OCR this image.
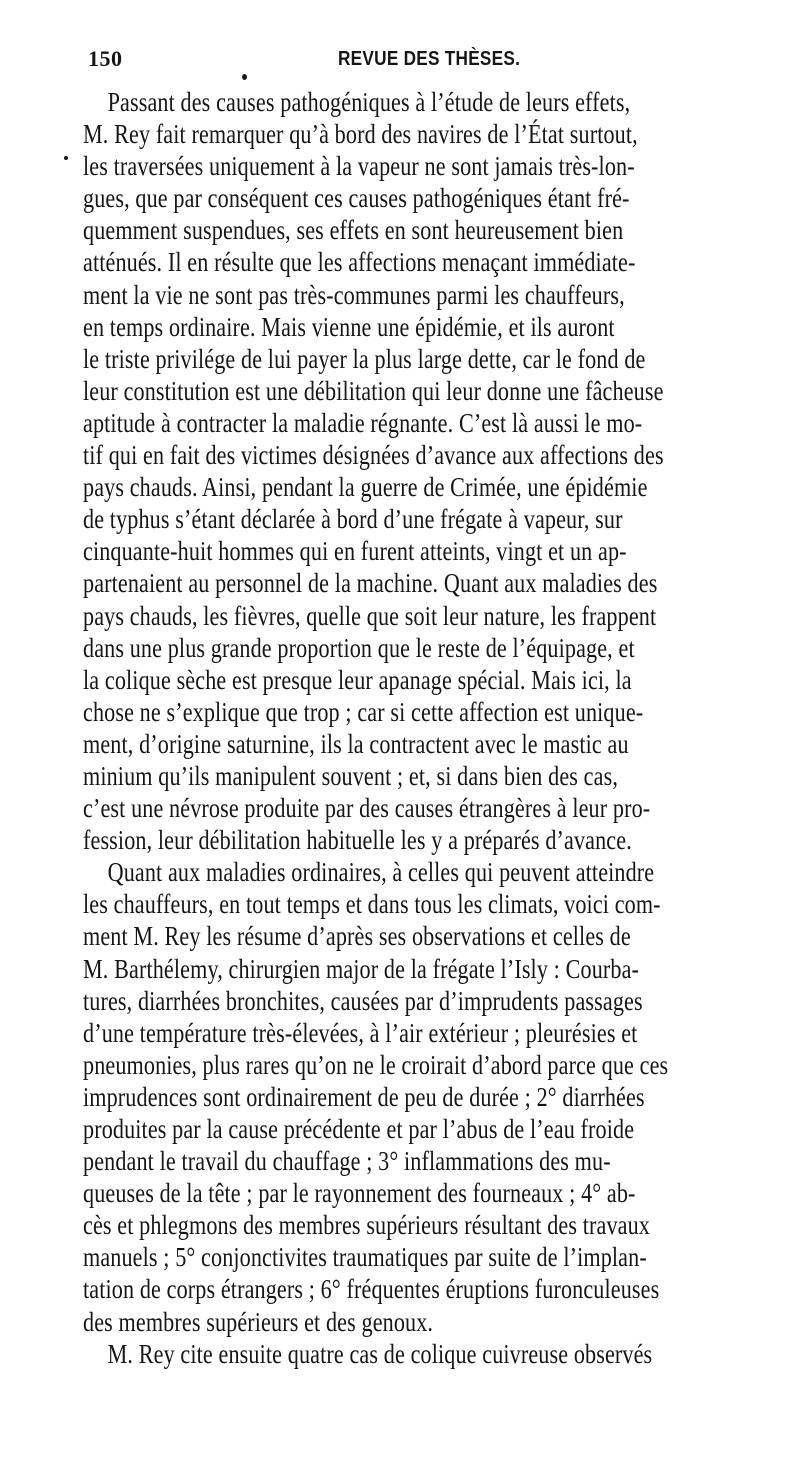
150	REVUE DES THÈSES.
Passant des causes pathogéniques à l’étude de leurs effets,
M. Rey fait remarquer qu’à bord des navires de l’État surtout,
les traversées uniquement à la vapeur ne sont jamais très-lon-
gues, que par conséquent ces causes pathogéniques étant fré-
quemment suspendues, ses effets en sont heureusement bien
atténués. Il en résulte que les affections menaçant immédiate-
ment la vie ne sont pas très-communes parmi les chauffeurs,
en temps ordinaire. Mais vienne une épidémie, et ils auront
le triste privilége de lui payer la plus large dette, car le fond de
leur constitution est une débilitation qui leur donne une fâcheuse
aptitude à contracter la maladie régnante. C’est là aussi le mo-
tif qui en fait des victimes désignées d’avance aux affections des
pays chauds. Ainsi, pendant la guerre de Crimée, une épidémie
de typhus s’étant déclarée à bord d’une frégate à vapeur, sur
cinquante-huit hommes qui en furent atteints, vingt et un ap-
partenaient au personnel de la machine. Quant aux maladies des
pays chauds, les fièvres, quelle que soit leur nature, les frappent
dans une plus grande proportion que le reste de l’équipage, et
la colique sèche est presque leur apanage spécial. Mais ici, la
chose ne s’explique que trop ; car si cette affection est unique-
ment, d’origine saturnine, ils la contractent avec le mastic au
minium qu’ils manipulent souvent ; et, si dans bien des cas,
c’est une névrose produite par des causes étrangères à leur pro-
fession, leur débilitation habituelle les y a préparés d’avance.
Quant aux maladies ordinaires, à celles qui peuvent atteindre
les chauffeurs, en tout temps et dans tous les climats, voici com-
ment M. Rey les résume d’après ses observations et celles de
M. Barthélemy, chirurgien major de la frégate l’Isly : Courba-
tures, diarrhées bronchites, causées par d’imprudents passages
d’une température très-élevées, à l’air extérieur ; pleurésies et
pneumonies, plus rares qu’on ne le croirait d’abord parce que ces
imprudences sont ordinairement de peu de durée ; 2° diarrhées
produites par la cause précédente et par l’abus de l’eau froide
pendant le travail du chauffage ; 3° inflammations des mu-
queuses de la tête ; par le rayonnement des fourneaux ; 4° ab-
cès et phlegmons des membres supérieurs résultant des travaux
manuels ; 5° conjonctivites traumatiques par suite de l’implan-
tation de corps étrangers ; 6° fréquentes éruptions furonculeuses
des membres supérieurs et des genoux.
M. Rey cite ensuite quatre cas de colique cuivreuse observés
